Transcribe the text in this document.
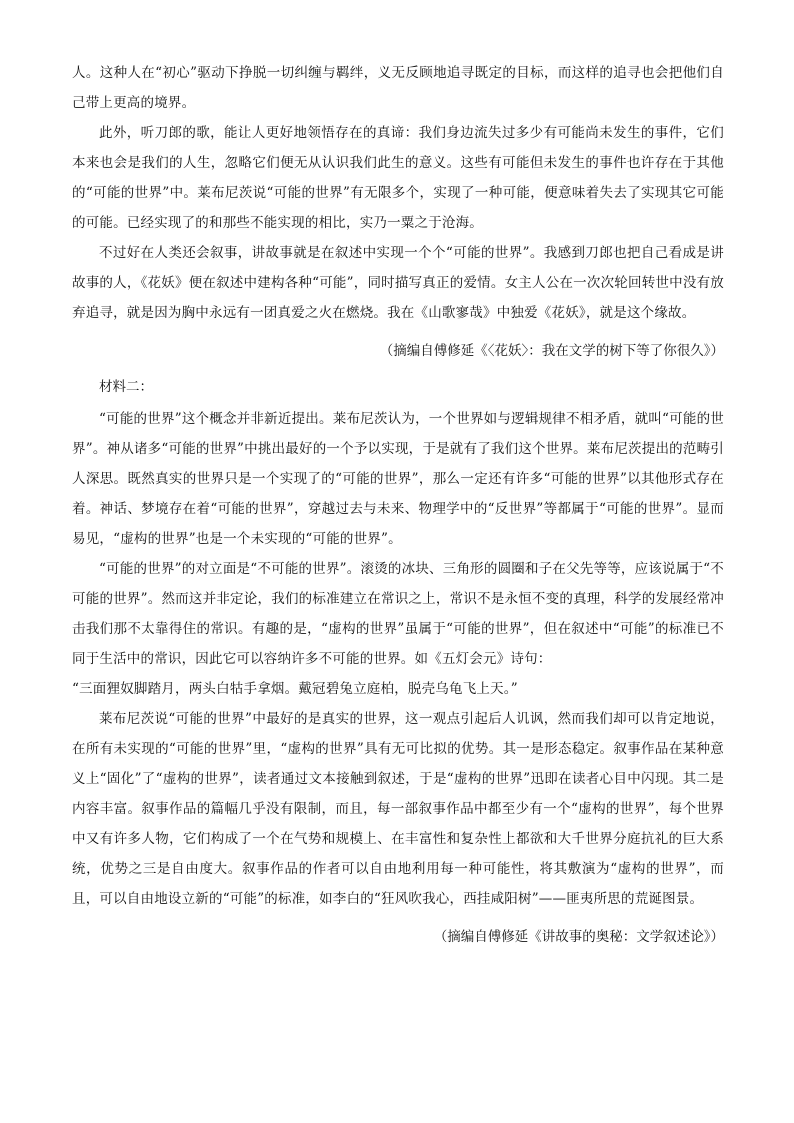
人。这种人在“初心”驱动下挣脱一切纠缠与羁绊，义无反顾地追寻既定的目标，而这样的追寻也会把他们自己带上更高的境界。

此外，听刀郎的歌，能让人更好地领悟存在的真谛：我们身边流失过多少有可能尚未发生的事件，它们本来也会是我们的人生，忽略它们便无从认识我们此生的意义。这些有可能但未发生的事件也许存在于其他的“可能的世界”中。莱布尼茨说“可能的世界”有无限多个，实现了一种可能，便意味着失去了实现其它可能的可能。已经实现了的和那些不能实现的相比，实乃一粟之于沧海。

不过好在人类还会叙事，讲故事就是在叙述中实现一个个“可能的世界”。我感到刀郎也把自己看成是讲故事的人，《花妖》便在叙述中建构各种“可能”，同时描写真正的爱情。女主人公在一次次轮回转世中没有放弃追寻，就是因为胸中永远有一团真爱之火在燃烧。我在《山歌寥哉》中独爱《花妖》，就是这个缘故。

（摘编自傅修延《〈花妖〉：我在文学的树下等了你很久》）

材料二：

“可能的世界”这个概念并非新近提出。莱布尼茨认为，一个世界如与逻辑规律不相矛盾，就叫“可能的世界”。神从诸多“可能的世界”中挑出最好的一个予以实现，于是就有了我们这个世界。莱布尼茨提出的范畴引人深思。既然真实的世界只是一个实现了的“可能的世界”，那么一定还有许多“可能的世界”以其他形式存在着。神话、梦境存在着“可能的世界”，穿越过去与未来、物理学中的“反世界”等都属于“可能的世界”。显而易见，“虚构的世界”也是一个未实现的“可能的世界”。

“可能的世界”的对立面是“不可能的世界”。滚烫的冰块、三角形的圆圈和子在父先等等，应该说属于“不可能的世界”。然而这并非定论，我们的标准建立在常识之上，常识不是永恒不变的真理，科学的发展经常冲击我们那不太靠得住的常识。有趣的是，“虚构的世界”虽属于“可能的世界”，但在叙述中“可能”的标准已不同于生活中的常识，因此它可以容纳许多不可能的世界。如《五灯会元》诗句：

“三面狸奴脚踏月，两头白牯手拿烟。戴冠碧兔立庭柏，脱壳乌龟飞上天。”

莱布尼茨说“可能的世界”中最好的是真实的世界，这一观点引起后人讥讽，然而我们却可以肯定地说，在所有未实现的“可能的世界”里，“虚构的世界”具有无可比拟的优势。其一是形态稳定。叙事作品在某种意义上“固化”了“虚构的世界”，读者通过文本接触到叙述，于是“虚构的世界”迅即在读者心目中闪现。其二是内容丰富。叙事作品的篇幅几乎没有限制，而且，每一部叙事作品中都至少有一个“虚构的世界”，每个世界中又有许多人物，它们构成了一个在气势和规模上、在丰富性和复杂性上都欲和大千世界分庭抗礼的巨大系统，优势之三是自由度大。叙事作品的作者可以自由地利用每一种可能性，将其敷演为“虚构的世界”，而且，可以自由地设立新的“可能”的标准，如李白的“狂风吹我心，西挂咸阳树”——匪夷所思的荒诞图景。

（摘编自傅修延《讲故事的奥秘：文学叙述论》）
